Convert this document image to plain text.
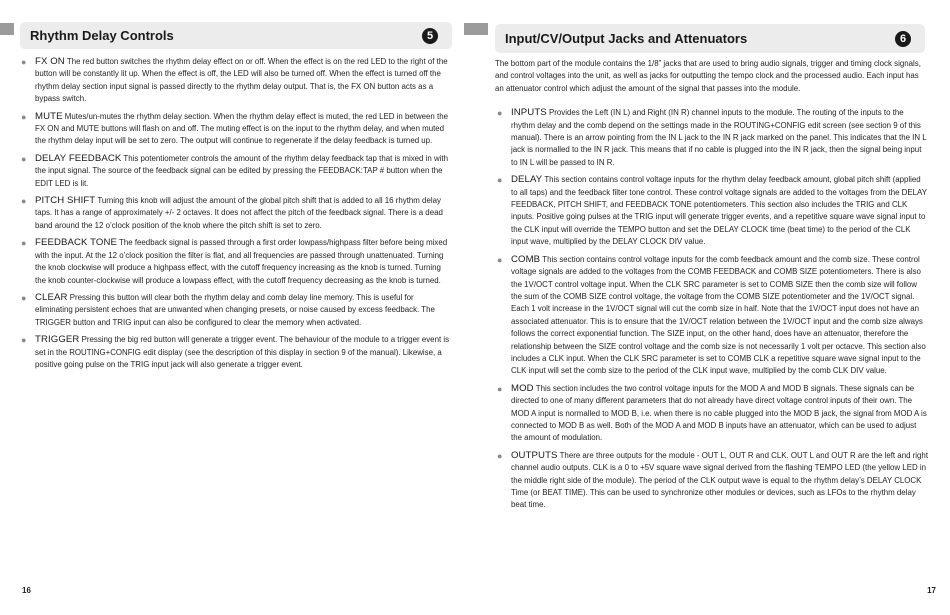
Rhythm Delay Controls	5
● FX ON The red button switches the rhythm delay effect on or off. When the effect is on the red LED to the right of the button will be constantly lit up. When the effect is off, the LED will also be turned off. When the effect is turned off the rhythm delay section input signal is passed directly to the rhythm delay output. That is, the FX ON button acts as a bypass switch.
● MUTE Mutes/un-mutes the rhythm delay section. When the rhythm delay effect is muted, the red LED in between the FX ON and MUTE buttons will flash on and off. The muting effect is on the input to the rhythm delay, and when muted the rhythm delay input will be set to zero. The output will continue to regenerate if the delay feedback is turned up.
● DELAY FEEDBACK This potentiometer controls the amount of the rhythm delay feedback tap that is mixed in with the input signal. The source of the feedback signal can be edited by pressing the FEEDBACK:TAP # button when the EDIT LED is lit.
● PITCH SHIFT Turning this knob will adjust the amount of the global pitch shift that is added to all 16 rhythm delay taps. It has a range of approximately +/- 2 octaves. It does not affect the pitch of the feedback signal. There is a dead band around the 12 o’clock position of the knob where the pitch shift is set to zero.
● FEEDBACK TONE The feedback signal is passed through a first order lowpass/highpass filter before being mixed with the input. At the 12 o’clock position the filter is flat, and all frequencies are passed through unattenuated. Turning the knob clockwise will produce a highpass effect, with the cutoff frequency increasing as the knob is turned. Turning the knob counter-clockwise will produce a lowpass effect, with the cutoff frequency decreasing as the knob is turned.
● CLEAR Pressing this button will clear both the rhythm delay and comb delay line memory. This is useful for eliminating persistent echoes that are unwanted when changing presets, or noise caused by excess feedback. The TRIGGER button and TRIG input can also be configured to clear the memory when activated.
● TRIGGER Pressing the big red button will generate a trigger event. The behaviour of the module to a trigger event is set in the ROUTING+CONFIG edit display (see the description of this display in section 9 of the manual). Likewise, a positive going pulse on the TRIG input jack will also generate a trigger event.
16
Input/CV/Output Jacks and Attenuators	6

The bottom part of the module contains the 1/8” jacks that are used to bring audio signals, trigger and timing clock signals, and control voltages into the unit, as well as jacks for outputting the tempo clock and the processed audio. Each input has an attenuator control which adjust the amount of the signal that passes into the module.

● INPUTS Provides the Left (IN L) and Right (IN R) channel inputs to the module. The routing of the inputs to the rhythm delay and the comb depend on the settings made in the ROUTING+CONFIG edit screen (see section 9 of this manual). There is an arrow pointing from the IN L jack to the IN R jack marked on the panel. This indicates that the IN L jack is normalled to the IN R jack. This means that if no cable is plugged into the IN R jack, then the signal being input to IN L will be passed to IN R.
● DELAY This section contains control voltage inputs for the rhythm delay feedback amount, global pitch shift (applied to all taps) and the feedback filter tone control. These control voltage signals are added to the voltages from the DELAY FEEDBACK, PITCH SHIFT, and FEEDBACK TONE potentiometers. This section also includes the TRIG and CLK inputs. Positive going pulses at the TRIG input will generate trigger events, and a repetitive square wave signal input to the CLK input will override the TEMPO button and set the DELAY CLOCK time (beat time) to the period of the CLK input wave, multiplied by the DELAY CLOCK DIV value.
● COMB This section contains control voltage inputs for the comb feedback amount and the comb size. These control voltage signals are added to the voltages from the COMB FEEDBACK and COMB SIZE potentiometers. There is also the 1V/OCT control voltage input. When the CLK SRC parameter is set to COMB SIZE then the comb size will follow the sum of the COMB SIZE control voltage, the voltage from the COMB SIZE potentiometer and the 1V/OCT signal. Each 1 volt increase in the 1V/OCT signal will cut the comb size in half. Note that the 1V/OCT input does not have an associated attenuator. This is to ensure that the 1V/OCT relation between the 1V/OCT input and the comb size always follows the correct exponential function. The SIZE input, on the other hand, does have an attenuator, therefore the relationship between the SIZE control voltage and the comb size is not necessarily 1 volt per octacve. This section also includes a CLK input. When the CLK SRC parameter is set to COMB CLK a repetitive square wave signal input to the CLK input will set the comb size to the period of the CLK input wave, multiplied by the comb CLK DIV value.
● MOD This section includes the two control voltage inputs for the MOD A and MOD B signals. These signals can be directed to one of many different parameters that do not already have direct voltage control inputs of their own. The MOD A input is normalled to MOD B, i.e. when there is no cable plugged into the MOD B jack, the signal from MOD A is connected to MOD B as well. Both of the MOD A and MOD B inputs have an attenuator, which can be used to adjust the amount of modulation.
● OUTPUTS There are three outputs for the module - OUT L, OUT R and CLK. OUT L and OUT R are the left and right channel audio outputs. CLK is a 0 to +5V square wave signal derived from the flashing TEMPO LED (the yellow LED in the middle right side of the module). The period of the CLK output wave is equal to the rhythm delay’s DELAY CLOCK Time (or BEAT TIME). This can be used to synchronize other modules or devices, such as LFOs to the rhythm delay beat time.
17
